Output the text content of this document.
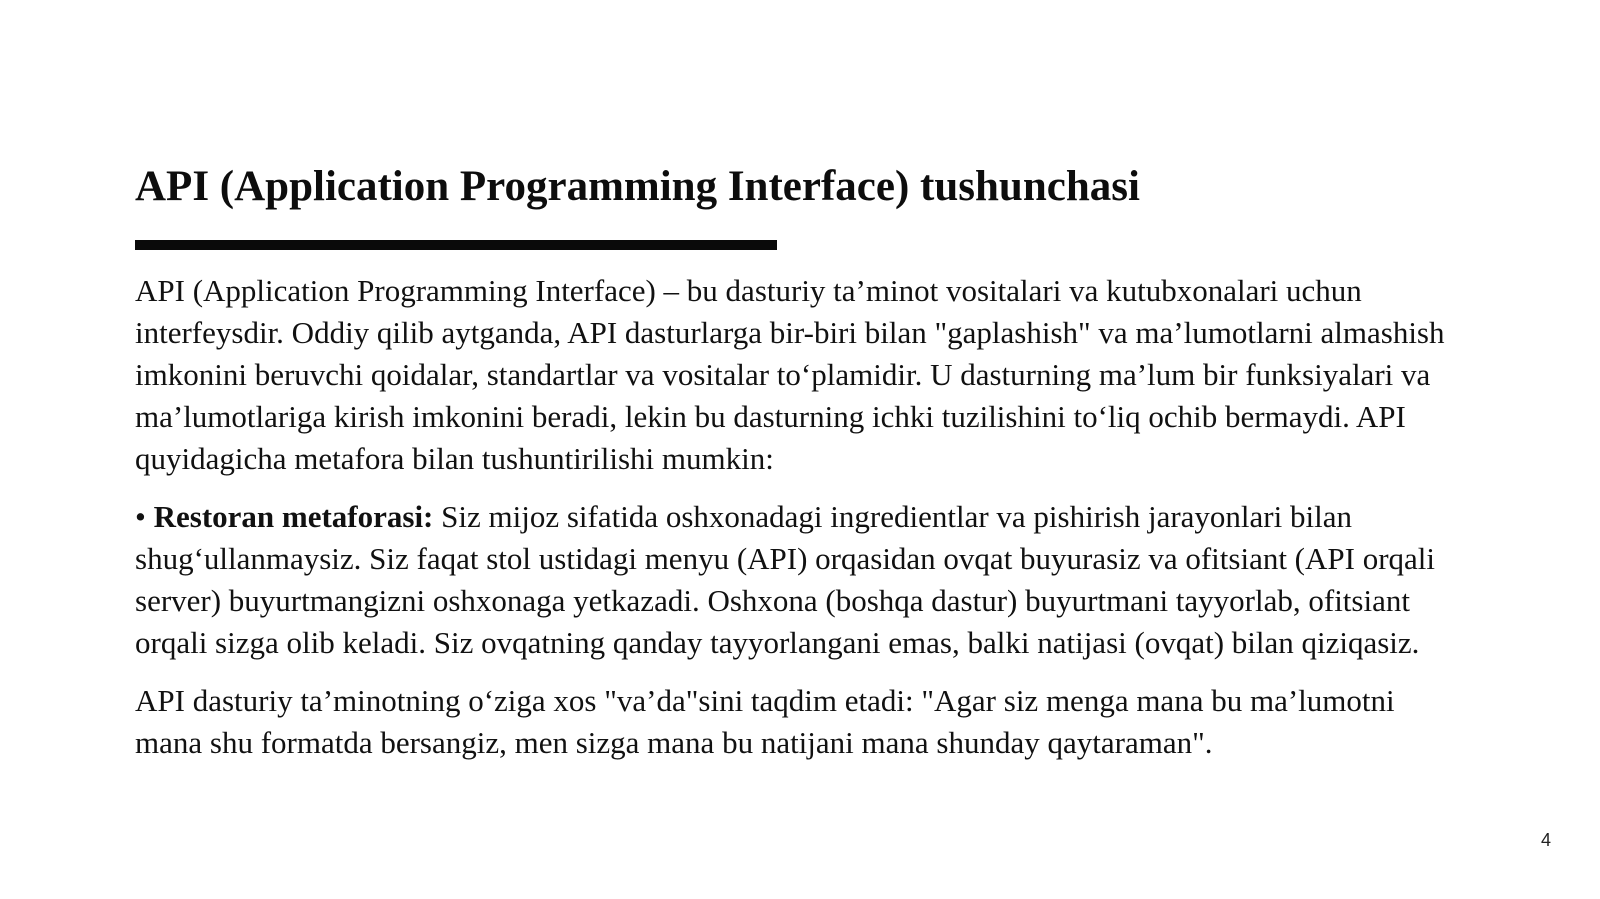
API (Application Programming Interface) tushunchasi

API (Application Programming Interface) – bu dasturiy ta’minot vositalari va kutubxonalari uchun interfeysdir. Oddiy qilib aytganda, API dasturlarga bir-biri bilan "gaplashish" va ma’lumotlarni almashish imkonini beruvchi qoidalar, standartlar va vositalar to‘plamidir. U dasturning ma’lum bir funksiyalari va ma’lumotlariga kirish imkonini beradi, lekin bu dasturning ichki tuzilishini to‘liq ochib bermaydi. API quyidagicha metafora bilan tushuntirilishi mumkin:

• Restoran metaforasi: Siz mijoz sifatida oshxonadagi ingredientlar va pishirish jarayonlari bilan shug‘ullanmaysiz. Siz faqat stol ustidagi menyu (API) orqasidan ovqat buyurasiz va ofitsiant (API orqali server) buyurtmangizni oshxonaga yetkazadi. Oshxona (boshqa dastur) buyurtmani tayyorlab, ofitsiant orqali sizga olib keladi. Siz ovqatning qanday tayyorlangani emas, balki natijasi (ovqat) bilan qiziqasiz.

API dasturiy ta’minotning o‘ziga xos "va’da"sini taqdim etadi: "Agar siz menga mana bu ma’lumotni mana shu formatda bersangiz, men sizga mana bu natijani mana shunday qaytaraman".

4
